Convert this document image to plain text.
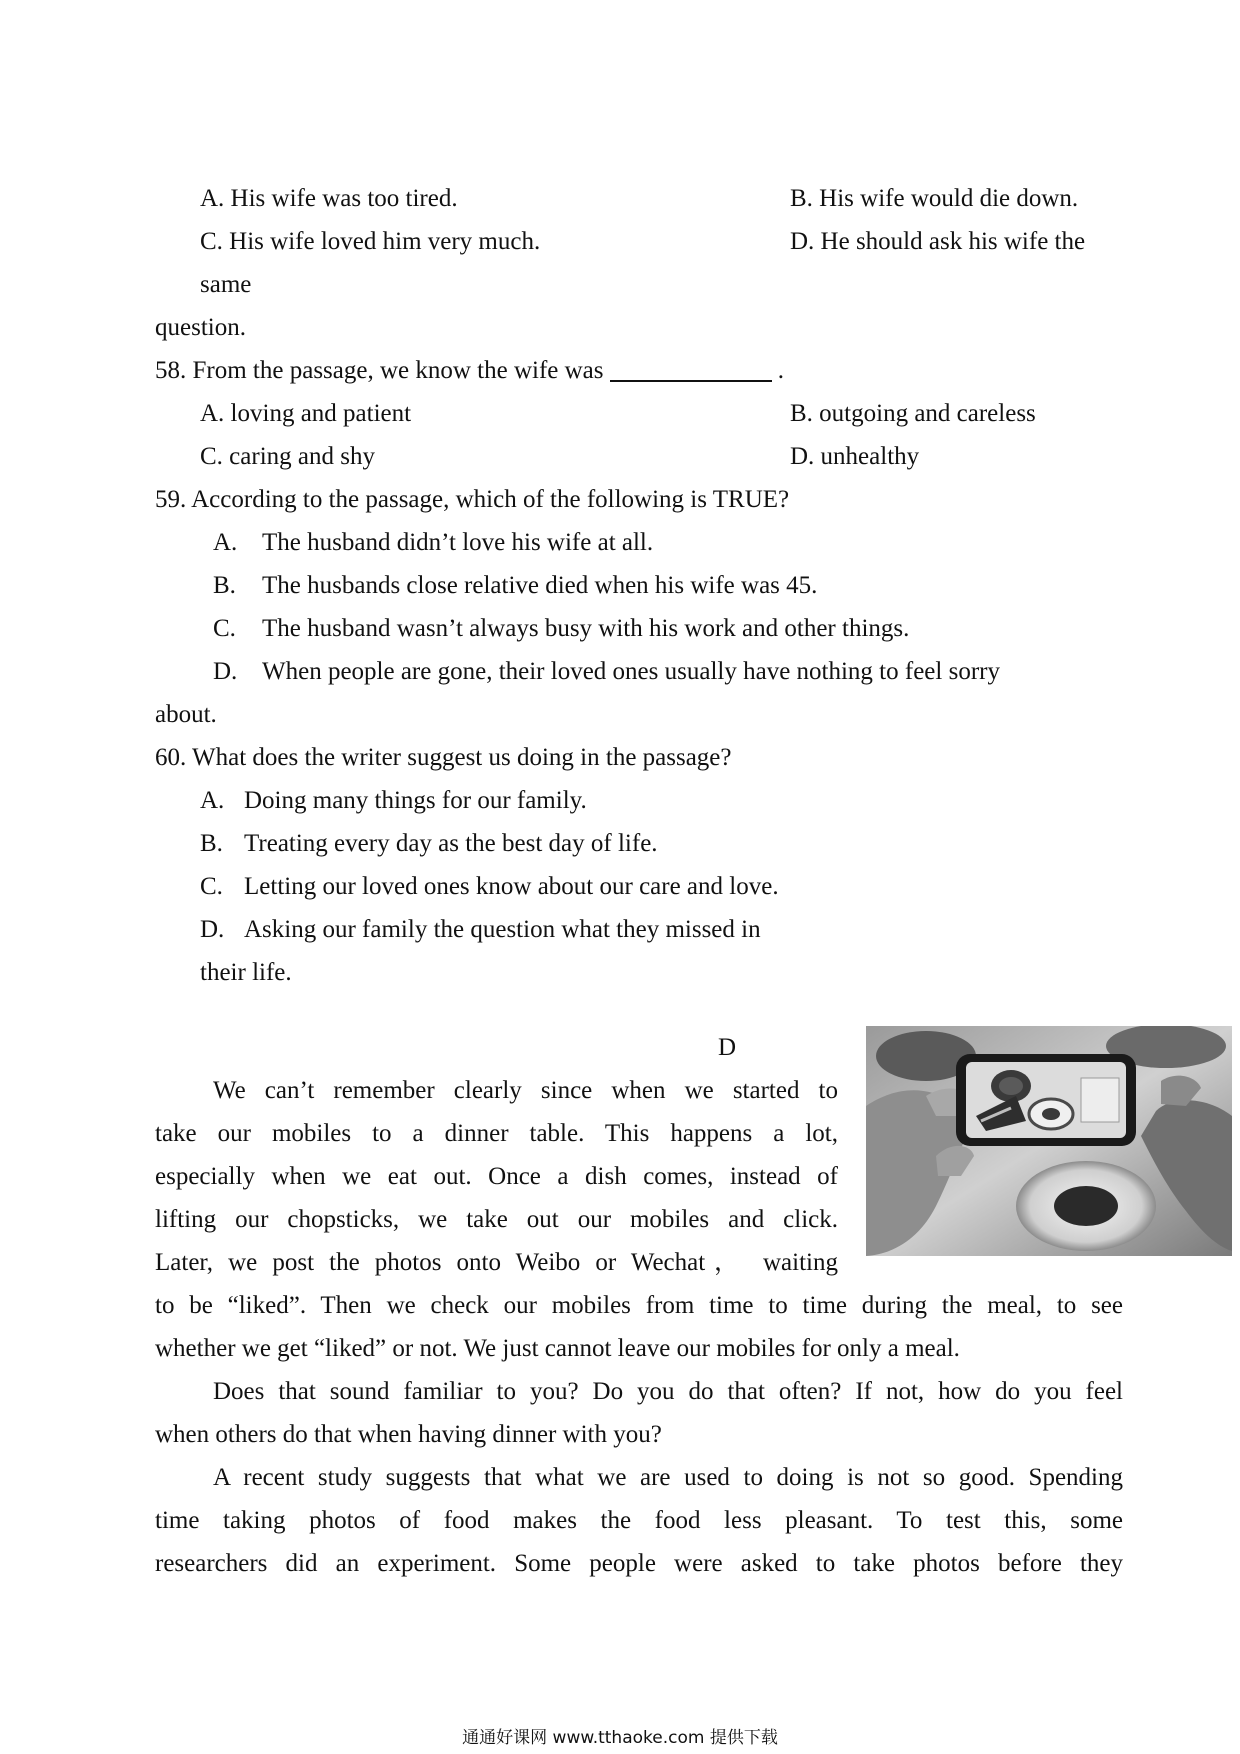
A. His wife was too tired.	B. His wife would die down.
C. His wife loved him very much.	D. He should ask his wife the
same
question.
58. From the passage, we know the wife was	.
A. loving and patient	B. outgoing and careless
C. caring and shy	D. unhealthy
59. According to the passage, which of the following is TRUE?
A. The husband didn’t love his wife at all.
B. The husbands close relative died when his wife was 45.
C. The husband wasn’t always busy with his work and other things.
D. When people are gone, their loved ones usually have nothing to feel sorry
about.
60. What does the writer suggest us doing in the passage?
A. Doing many things for our family.
B. Treating every day as the best day of life.
C. Letting our loved ones know about our care and love.
D. Asking our family the question what they missed in
their life.
D
We can’t remember clearly since when we started to
take our mobiles to a dinner table. This happens a lot,
especially when we eat out. Once a dish comes, instead of
lifting our chopsticks, we take out our mobiles and click.
Later, we post the photos onto Weibo or Wechat， waiting
to be “liked”. Then we check our mobiles from time to time during the meal, to see
whether we get “liked” or not. We just cannot leave our mobiles for only a meal.
Does that sound familiar to you? Do you do that often? If not, how do you feel
when others do that when having dinner with you?
A recent study suggests that what we are used to doing is not so good. Spending
time taking photos of food makes the food less pleasant. To test this, some
researchers did an experiment. Some people were asked to take photos before they
通通好课网 www.tthaoke.com 提供下载
